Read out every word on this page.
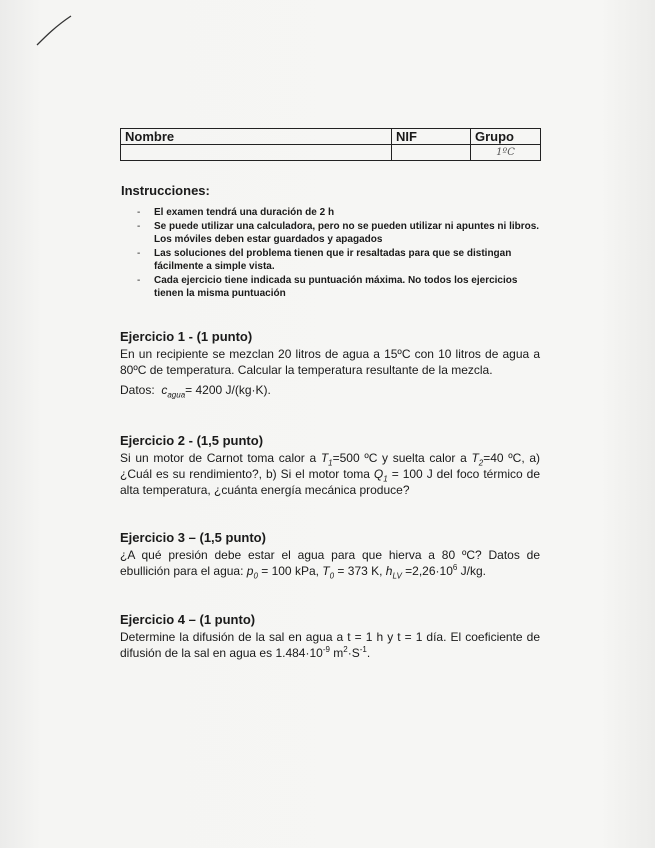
Nombre	NIF	Grupo
		1ºC
Instrucciones:
- El examen tendrá una duración de 2 h
- Se puede utilizar una calculadora, pero no se pueden utilizar ni apuntes ni libros. Los móviles deben estar guardados y apagados
- Las soluciones del problema tienen que ir resaltadas para que se distingan fácilmente a simple vista.
- Cada ejercicio tiene indicada su puntuación máxima. No todos los ejercicios tienen la misma puntuación
Ejercicio 1 - (1 punto)
En un recipiente se mezclan 20 litros de agua a 15ºC con 10 litros de agua a 80ºC de temperatura. Calcular la temperatura resultante de la mezcla.
Datos: $c_{agua}= 4200$ J/(kg·K).
Ejercicio 2 - (1,5 punto)
Si un motor de Carnot toma calor a $T_1=500$ ºC y suelta calor a $T_2=40$ ºC, a) ¿Cuál es su rendimiento?, b) Si el motor toma $Q_1 = 100$ J del foco térmico de alta temperatura, ¿cuánta energía mecánica produce?
Ejercicio 3 – (1,5 punto)
¿A qué presión debe estar el agua para que hierva a 80 ºC? Datos de ebullición para el agua: $p_0 = 100$ kPa, $T_0 = 373$ K, $h_{LV} =2,26\cdot 10^6$ J/kg.
Ejercicio 4 – (1 punto)
Determine la difusión de la sal en agua a t = 1 h y t = 1 día. El coeficiente de difusión de la sal en agua es $1.484\cdot 10^{-9}$ $m^2\cdot S^{-1}$.
